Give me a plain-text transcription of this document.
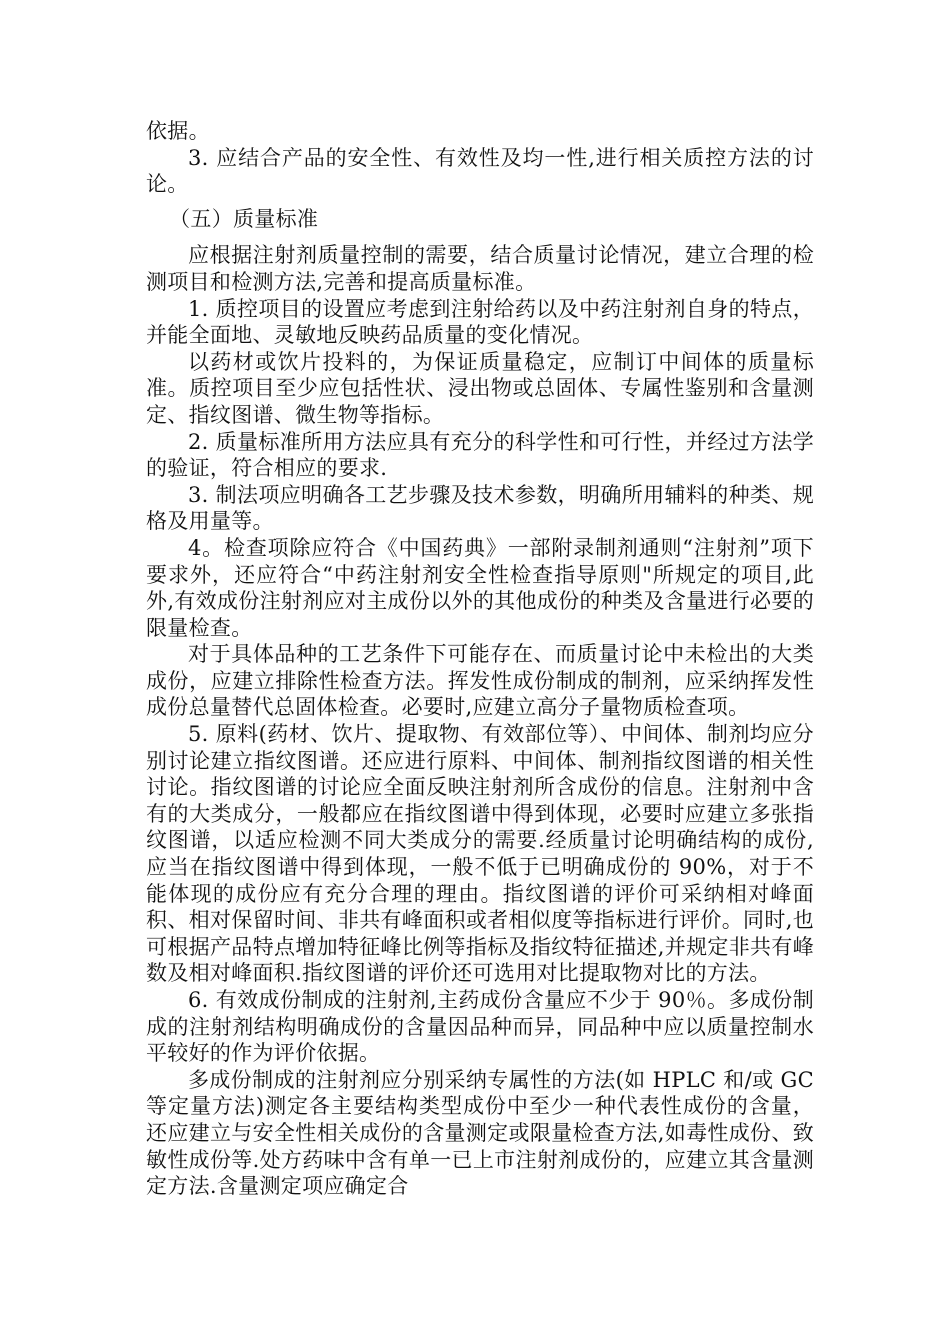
依据。

3. 应结合产品的安全性、有效性及均一性,进行相关质控方法的讨论。

（五）质量标准

应根据注射剂质量控制的需要，结合质量讨论情况，建立合理的检测项目和检测方法,完善和提高质量标准。

1. 质控项目的设置应考虑到注射给药以及中药注射剂自身的特点，并能全面地、灵敏地反映药品质量的变化情况。

以药材或饮片投料的，为保证质量稳定，应制订中间体的质量标准。质控项目至少应包括性状、浸出物或总固体、专属性鉴别和含量测定、指纹图谱、微生物等指标。

2. 质量标准所用方法应具有充分的科学性和可行性，并经过方法学的验证，符合相应的要求.

3. 制法项应明确各工艺步骤及技术参数，明确所用辅料的种类、规格及用量等。

4。检查项除应符合《中国药典》一部附录制剂通则“注射剂”项下要求外，还应符合“中药注射剂安全性检查指导原则"所规定的项目,此外,有效成份注射剂应对主成份以外的其他成份的种类及含量进行必要的限量检查。

对于具体品种的工艺条件下可能存在、而质量讨论中未检出的大类成份，应建立排除性检查方法。挥发性成份制成的制剂，应采纳挥发性成份总量替代总固体检查。必要时,应建立高分子量物质检查项。

5. 原料(药材、饮片、提取物、有效部位等）、中间体、制剂均应分别讨论建立指纹图谱。还应进行原料、中间体、制剂指纹图谱的相关性讨论。指纹图谱的讨论应全面反映注射剂所含成份的信息。注射剂中含有的大类成分，一般都应在指纹图谱中得到体现，必要时应建立多张指纹图谱，以适应检测不同大类成分的需要.经质量讨论明确结构的成份,应当在指纹图谱中得到体现，一般不低于已明确成份的 90%，对于不能体现的成份应有充分合理的理由。指纹图谱的评价可采纳相对峰面积、相对保留时间、非共有峰面积或者相似度等指标进行评价。同时,也可根据产品特点增加特征峰比例等指标及指纹特征描述,并规定非共有峰数及相对峰面积.指纹图谱的评价还可选用对比提取物对比的方法。

6. 有效成份制成的注射剂,主药成份含量应不少于 90％。多成份制成的注射剂结构明确成份的含量因品种而异，同品种中应以质量控制水平较好的作为评价依据。

多成份制成的注射剂应分别采纳专属性的方法(如 HPLC 和/或 GC 等定量方法)测定各主要结构类型成份中至少一种代表性成份的含量，还应建立与安全性相关成份的含量测定或限量检查方法,如毒性成份、致敏性成份等.处方药味中含有单一已上市注射剂成份的，应建立其含量测定方法.含量测定项应确定合
